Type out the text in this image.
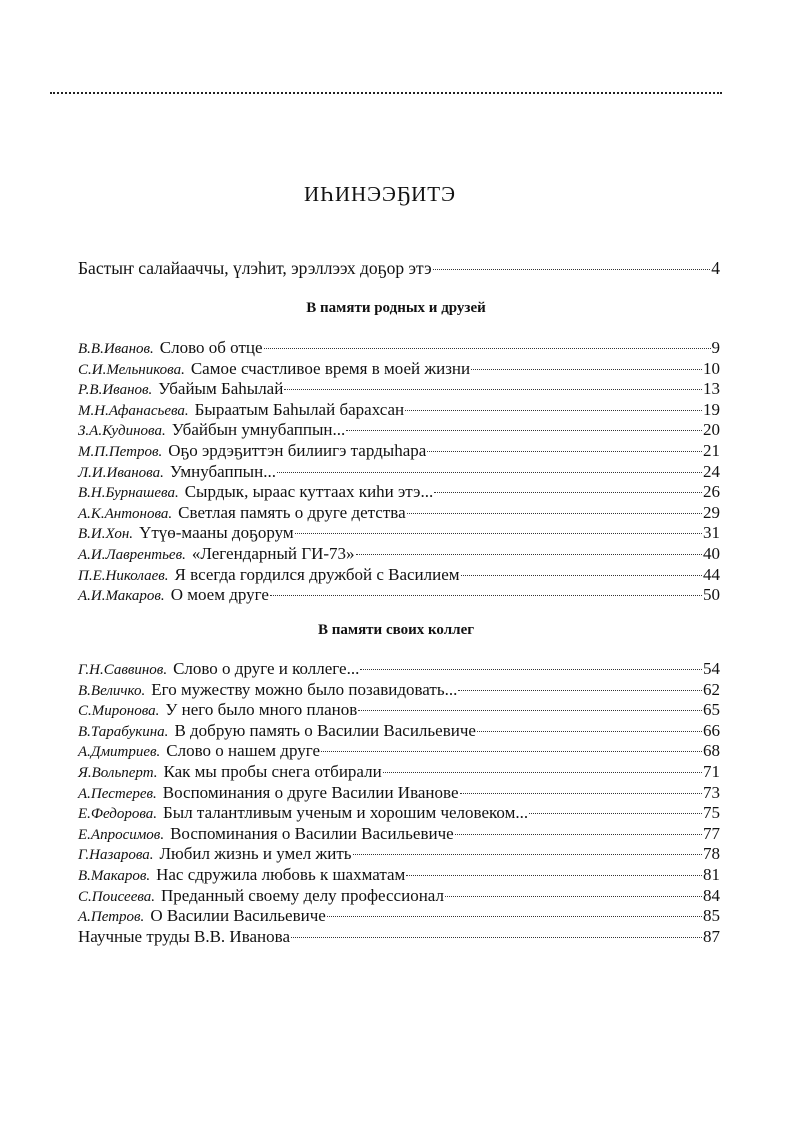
ИҺИНЭЭҔИТЭ
Бастыҥ салайааччы, үлэһит, эрэллээх доҕор этэ	4
В памяти родных и друзей
В.В.Иванов. Слово об отце	9
С.И.Мельникова. Самое счастливое время в моей жизни	10
Р.В.Иванов. Убайым Баһылай	13
М.Н.Афанасьева. Быраатым Баһылай барахсан	19
З.А.Кудинова. Убайбын умнубаппын...	20
М.П.Петров. Оҕо эрдэҕиттэн билиигэ тардыһара	21
Л.И.Иванова. Умнубаппын...	24
В.Н.Бурнашева. Сырдык, ыраас куттаах киһи этэ...	26
А.К.Антонова. Светлая память о друге детства	29
В.И.Хон. Үтүө-мааны доҕорум	31
А.И.Лаврентьев. «Легендарный ГИ-73»	40
П.Е.Николаев. Я всегда гордился дружбой с Василием	44
А.И.Макаров. О моем друге	50
В памяти своих коллег
Г.Н.Саввинов. Слово о друге и коллеге...	54
В.Величко. Его мужеству можно было позавидовать...	62
С.Миронова. У него было много планов	65
В.Тарабукина. В добрую память о Василии Васильевиче	66
А.Дмитриев. Слово о нашем друге	68
Я.Вольперт. Как мы пробы снега отбирали	71
А.Пестерев. Воспоминания о друге Василии Иванове	73
Е.Федорова. Был талантливым ученым и хорошим человеком...	75
Е.Апросимов. Воспоминания о Василии Васильевиче	77
Г.Назарова. Любил жизнь и умел жить	78
В.Макаров. Нас сдружила любовь к шахматам	81
С.Поисеева. Преданный своему делу профессионал	84
А.Петров. О Василии Васильевиче	85
Научные труды В.В. Иванова	87
